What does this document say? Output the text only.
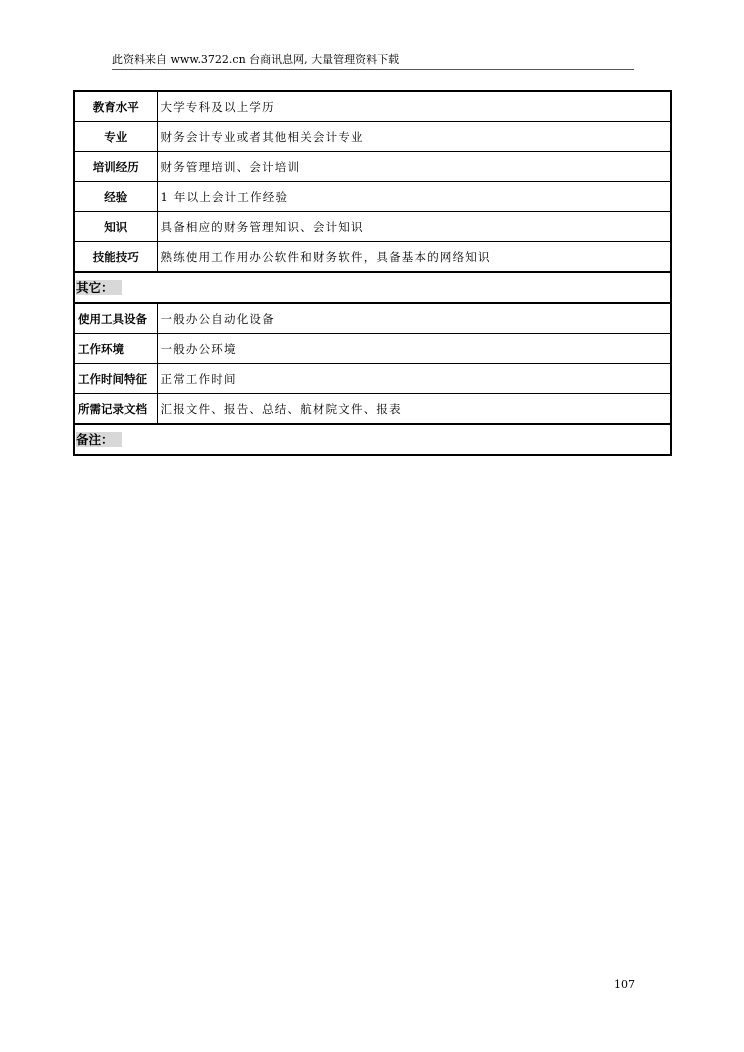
此资料来自 www.3722.cn 台商讯息网, 大量管理资料下载
教育水平	大学专科及以上学历
专业	财务会计专业或者其他相关会计专业
培训经历	财务管理培训、会计培训
经验	1 年以上会计工作经验
知识	具备相应的财务管理知识、会计知识
技能技巧	熟练使用工作用办公软件和财务软件，具备基本的网络知识
其它：	
使用工具设备	一般办公自动化设备
工作环境	一般办公环境
工作时间特征	正常工作时间
所需记录文档	汇报文件、报告、总结、航材院文件、报表
备注：	
107
